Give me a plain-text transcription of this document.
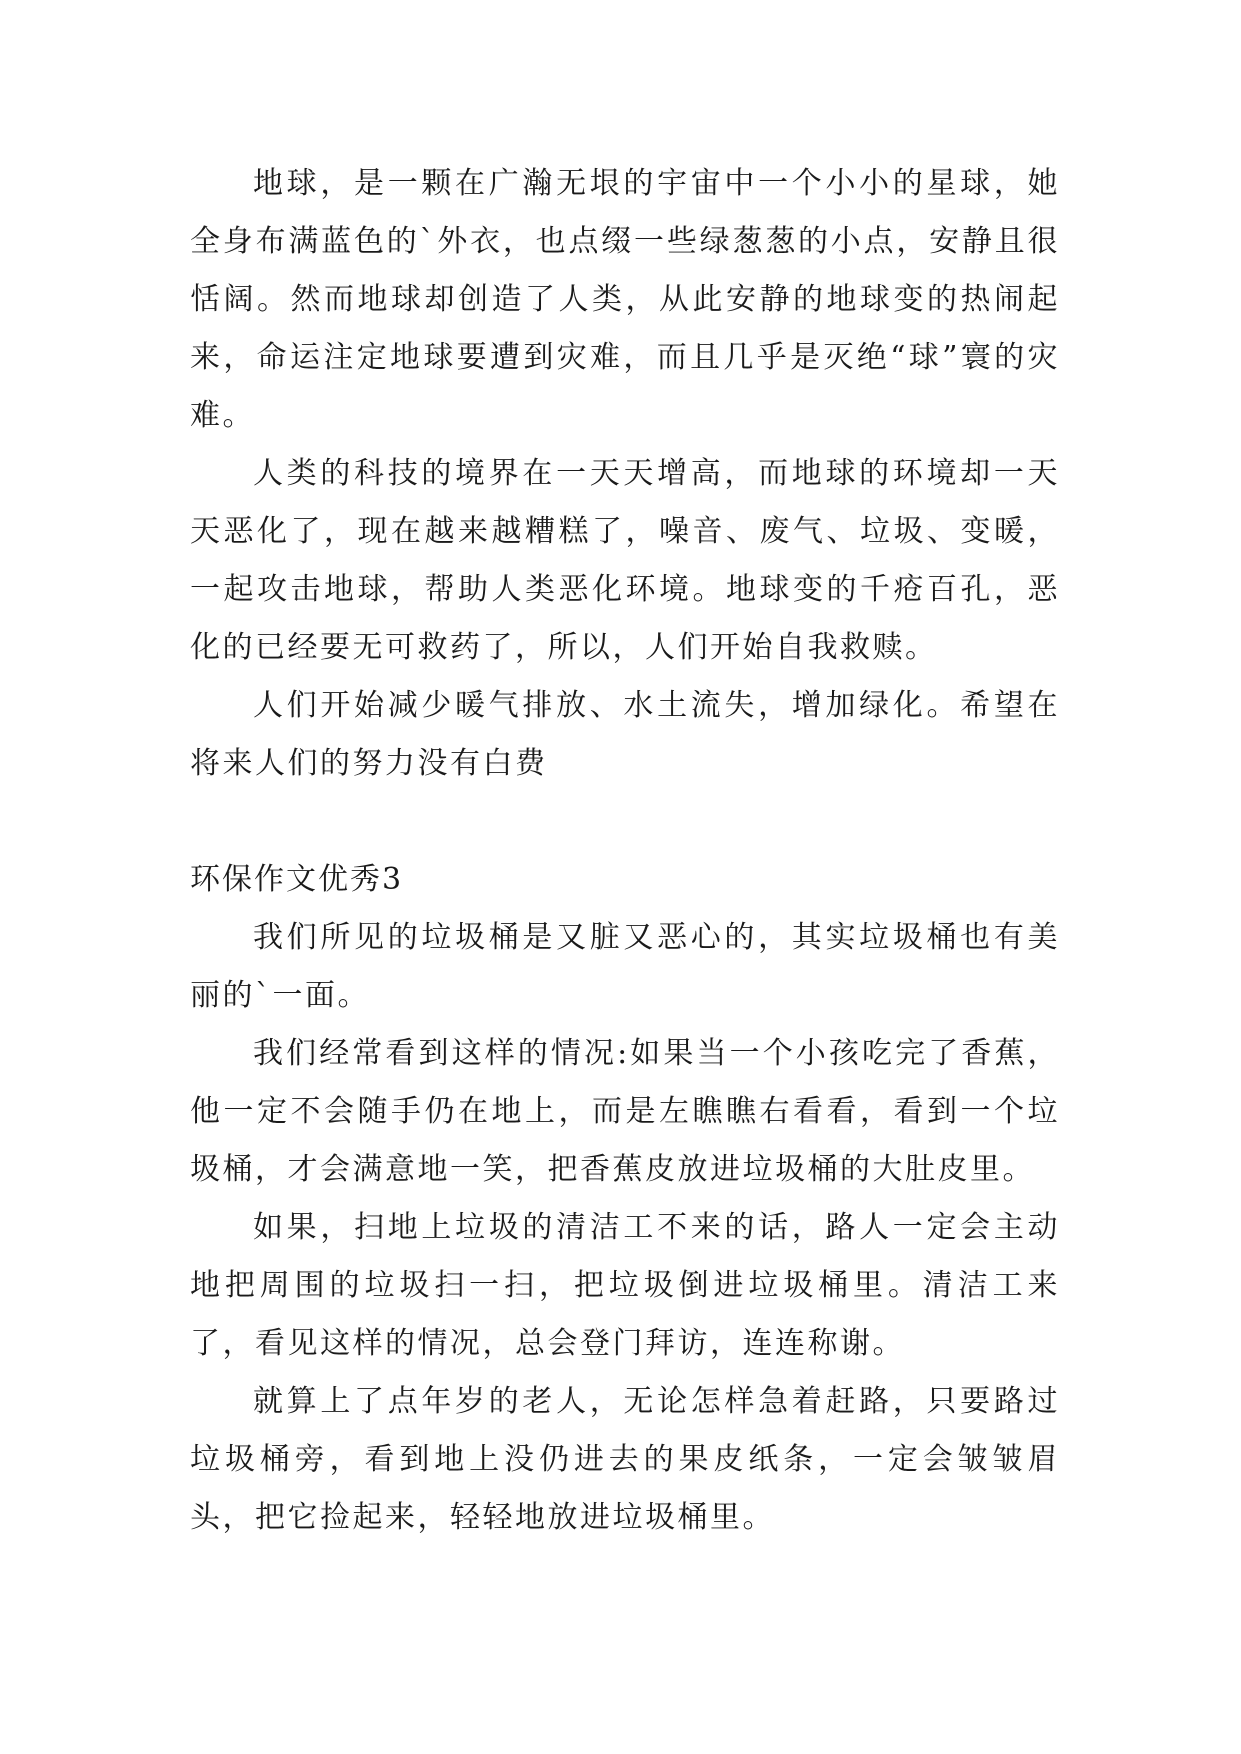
地球，是一颗在广瀚无垠的宇宙中一个小小的星球，她全身布满蓝色的`外衣，也点缀一些绿葱葱的小点，安静且很恬阔。然而地球却创造了人类，从此安静的地球变的热闹起来，命运注定地球要遭到灾难，而且几乎是灭绝“球”寰的灾难。

人类的科技的境界在一天天增高，而地球的环境却一天天恶化了，现在越来越糟糕了，噪音、废气、垃圾、变暖，一起攻击地球，帮助人类恶化环境。地球变的千疮百孔，恶化的已经要无可救药了，所以，人们开始自我救赎。

人们开始减少暖气排放、水土流失，增加绿化。希望在将来人们的努力没有白费

环保作文优秀3

我们所见的垃圾桶是又脏又恶心的，其实垃圾桶也有美丽的`一面。

我们经常看到这样的情况:如果当一个小孩吃完了香蕉，他一定不会随手仍在地上，而是左瞧瞧右看看，看到一个垃圾桶，才会满意地一笑，把香蕉皮放进垃圾桶的大肚皮里。

如果，扫地上垃圾的清洁工不来的话，路人一定会主动地把周围的垃圾扫一扫，把垃圾倒进垃圾桶里。清洁工来了，看见这样的情况，总会登门拜访，连连称谢。

就算上了点年岁的老人，无论怎样急着赶路，只要路过垃圾桶旁，看到地上没仍进去的果皮纸条，一定会皱皱眉头，把它捡起来，轻轻地放进垃圾桶里。
